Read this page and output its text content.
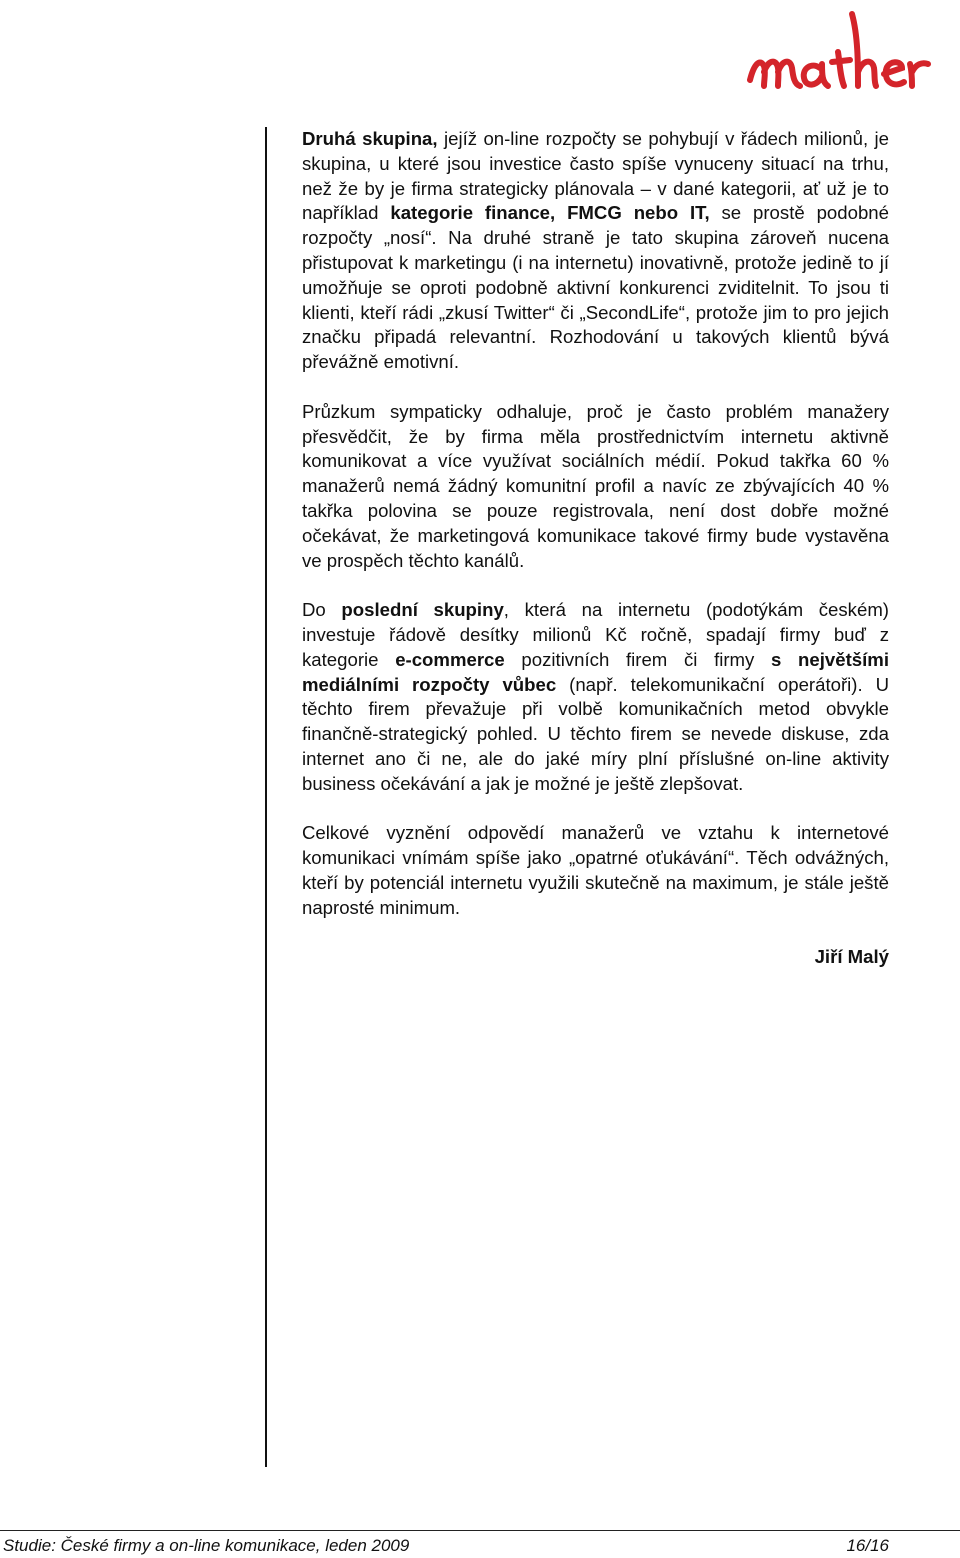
Druhá skupina, jejíž on-line rozpočty se pohybují v řádech milionů, je skupina, u které jsou investice často spíše vynuceny situací na trhu, než že by je firma strategicky plánovala – v dané kategorii, ať už je to například kategorie finance, FMCG nebo IT, se prostě podobné rozpočty „nosí“. Na druhé straně je tato skupina zároveň nucena přistupovat k marketingu (i na internetu) inovativně, protože jedině to jí umožňuje se oproti podobně aktivní konkurenci zviditelnit. To jsou ti klienti, kteří rádi „zkusí Twitter“ či „SecondLife“, protože jim to pro jejich značku připadá relevantní. Rozhodování u takových klientů bývá převážně emotivní.

Průzkum sympaticky odhaluje, proč je často problém manažery přesvědčit, že by firma měla prostřednictvím internetu aktivně komunikovat a více využívat sociálních médií. Pokud takřka 60 % manažerů nemá žádný komunitní profil a navíc ze zbývajících 40 % takřka polovina se pouze registrovala, není dost dobře možné očekávat, že marketingová komunikace takové firmy bude vystavěna ve prospěch těchto kanálů.

Do poslední skupiny, která na internetu (podotýkám českém) investuje řádově desítky milionů Kč ročně, spadají firmy buď z kategorie e-commerce pozitivních firem či firmy s největšími mediálními rozpočty vůbec (např. telekomunikační operátoři). U těchto firem převažuje při volbě komunikačních metod obvykle finančně-strategický pohled. U těchto firem se nevede diskuse, zda internet ano či ne, ale do jaké míry plní příslušné on-line aktivity business očekávání a jak je možné je ještě zlepšovat.

Celkové vyznění odpovědí manažerů ve vztahu k internetové komunikaci vnímám spíše jako „opatrné oťukávání“. Těch odvážných, kteří by potenciál internetu využili skutečně na maximum, je stále ještě naprosté minimum.

Jiří Malý
Studie: České firmy a on-line komunikace, leden 2009	16/16
